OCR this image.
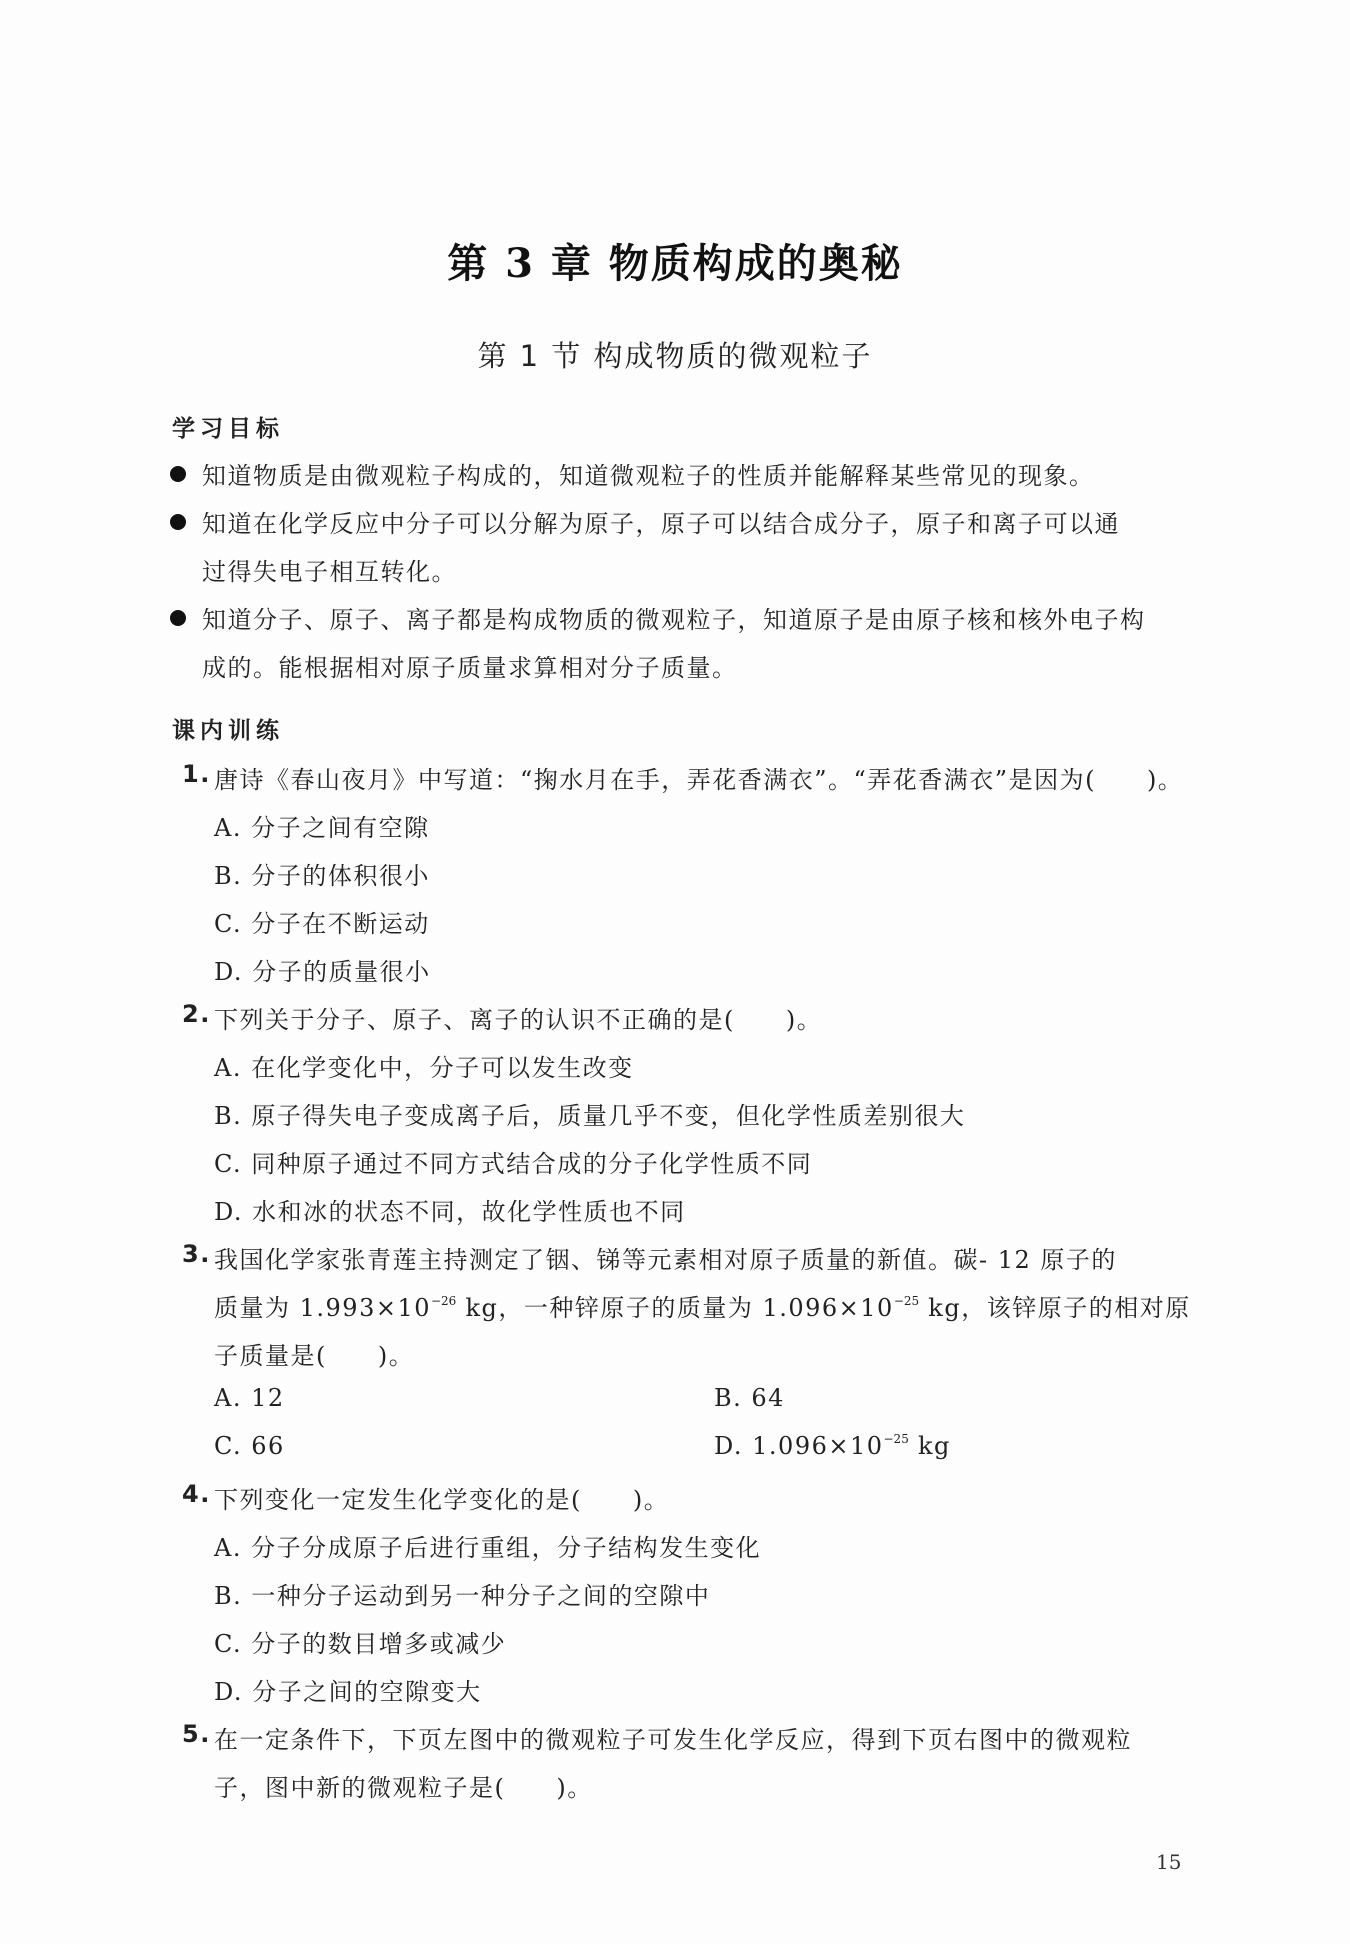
第 3 章 物质构成的奥秘
第 1 节 构成物质的微观粒子
学习目标
知道物质是由微观粒子构成的，知道微观粒子的性质并能解释某些常见的现象。
知道在化学反应中分子可以分解为原子，原子可以结合成分子，原子和离子可以通
过得失电子相互转化。
知道分子、原子、离子都是构成物质的微观粒子，知道原子是由原子核和核外电子构
成的。能根据相对原子质量求算相对分子质量。
课内训练
1. 唐诗《春山夜月》中写道：“掬水月在手，弄花香满衣”。“弄花香满衣”是因为(　　)。
A. 分子之间有空隙
B. 分子的体积很小
C. 分子在不断运动
D. 分子的质量很小
2. 下列关于分子、原子、离子的认识不正确的是(　　)。
A. 在化学变化中，分子可以发生改变
B. 原子得失电子变成离子后，质量几乎不变，但化学性质差别很大
C. 同种原子通过不同方式结合成的分子化学性质不同
D. 水和冰的状态不同，故化学性质也不同
3. 我国化学家张青莲主持测定了铟、锑等元素相对原子质量的新值。碳- 12 原子的
质量为 $1.993\times 10^{-26}$ kg，一种锌原子的质量为 $1.096\times 10^{-25}$ kg，该锌原子的相对原
子质量是(　　)。
A. 12	B. 64
C. 66	D. $1.096\times 10^{-25}$ kg
4. 下列变化一定发生化学变化的是(　　)。
A. 分子分成原子后进行重组，分子结构发生变化
B. 一种分子运动到另一种分子之间的空隙中
C. 分子的数目增多或减少
D. 分子之间的空隙变大
5. 在一定条件下，下页左图中的微观粒子可发生化学反应，得到下页右图中的微观粒
子，图中新的微观粒子是(　　)。
15
